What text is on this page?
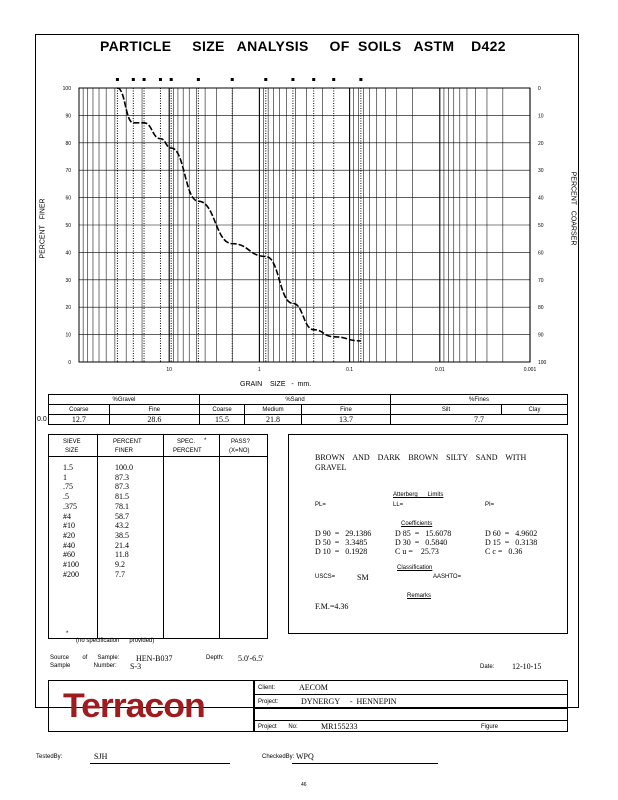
PARTICLE     SIZE   ANALYSIS     OF  SOILS   ASTM    D422
100
90
80
70
60
50
40
30
20
10
0
0
10
20
30
40
50
60
70
80
90
100
10	1	0.1	0.01	0.001
PERCENT   FINER	PERCENT   COARSER
GRAIN    SIZE   -  mm.
0.0
%Gravel		%Sand			%Fines	
Coarse	Fine	Coarse	Medium	Fine	Silt	Clay
12.7	28.6	15.5	21.8	13.7	7.7	
SIEVE	PERCENT	SPEC. *	PASS?
SIZE	FINER	PERCENT	(X=NO)
1.5	100.0
1	87.3
.75	87.3
.5	81.5
.375	78.1
#4	58.7
#10	43.2
#20	38.5
#40	21.4
#60	11.8
#100	9.2
#200	7.7
*
(no specification      provided)
BROWN    AND    DARK    BROWN    SILTY    SAND    WITH
GRAVEL
Atterberg      Limits
PL=	LL=	PI=
Coefficients
D 90  =   29.1386	D 85  =   15.6078	D 60  =   4.9602
D 50  =   3.3485	D 30  =   0.5840	D 15  =   0.3138
D 10  =   0.1928	C u =    25.73	C c =   0.36
Classification
USCS=	SM	AASHTO=
Remarks
F.M.=4.36
Source        of      Sample:
Sample              Number:
HEN-B037
S-3
Depth: 5.0'-6.5'
Date: 12-10-15
Terracon	Client:	AECOM
Project:	DYNERGY     -  HENNEPIN
Project       No:	MR155233	Figure
TestedBy:	SJH	CheckedBy: WPQ
46
